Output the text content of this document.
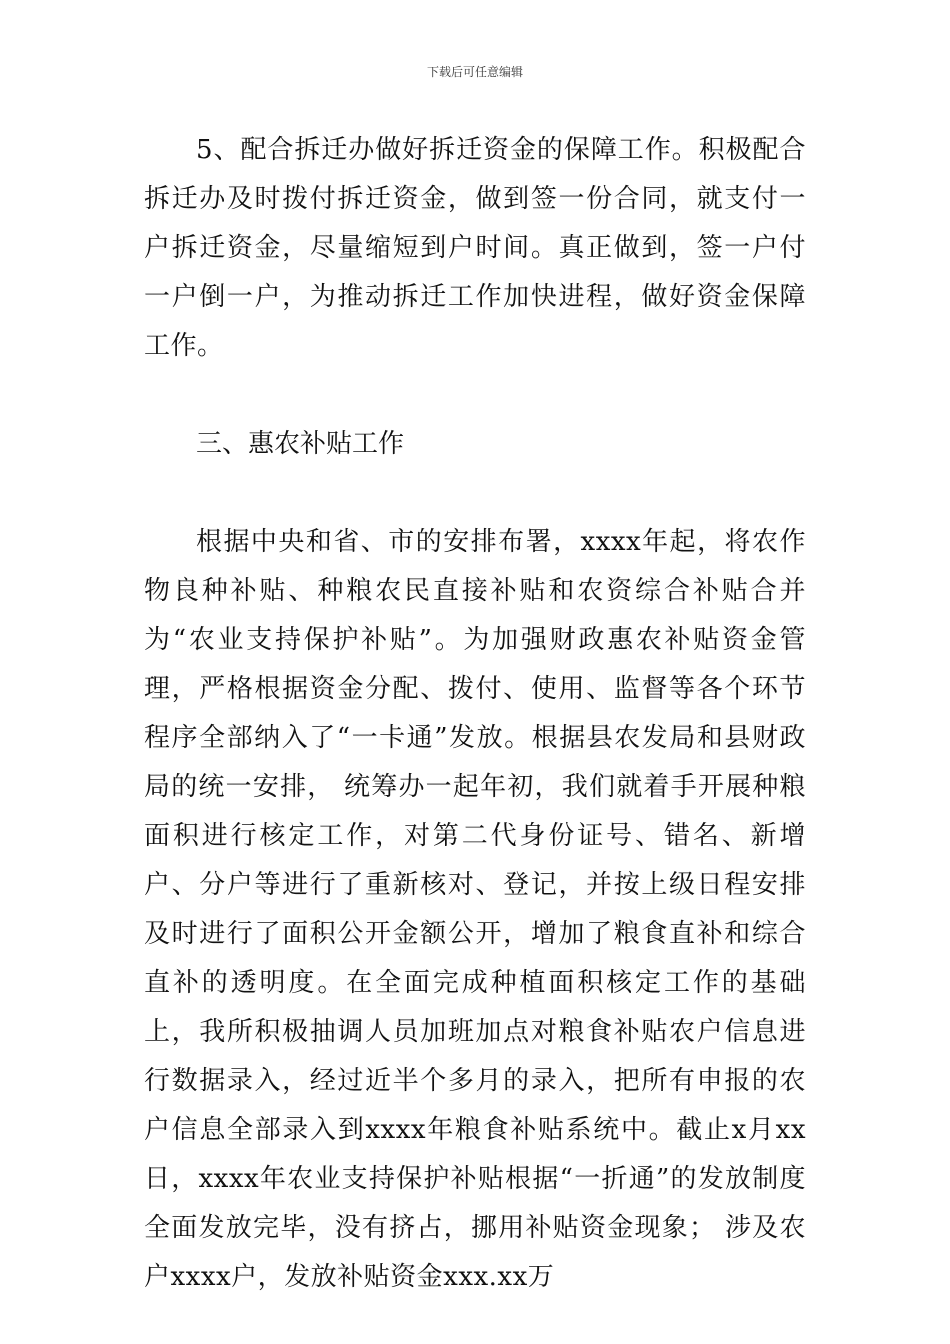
下载后可任意编辑

5、配合拆迁办做好拆迁资金的保障工作。积极配合拆迁办及时拨付拆迁资金，做到签一份合同，就支付一户拆迁资金，尽量缩短到户时间。真正做到，签一户付一户倒一户，为推动拆迁工作加快进程，做好资金保障工作。

三、惠农补贴工作

根据中央和省、市的安排布署，xxxx年起，将农作物良种补贴、种粮农民直接补贴和农资综合补贴合并为“农业支持保护补贴”。为加强财政惠农补贴资金管理，严格根据资金分配、拨付、使用、监督等各个环节程序全部纳入了“一卡通”发放。根据县农发局和县财政局的统一安排， 统筹办一起年初，我们就着手开展种粮面积进行核定工作，对第二代身份证号、错名、新增户、分户等进行了重新核对、登记，并按上级日程安排及时进行了面积公开金额公开，增加了粮食直补和综合直补的透明度。在全面完成种植面积核定工作的基础上，我所积极抽调人员加班加点对粮食补贴农户信息进行数据录入，经过近半个多月的录入，把所有申报的农户信息全部录入到xxxx年粮食补贴系统中。截止x月xx日，xxxx年农业支持保护补贴根据“一折通”的发放制度全面发放完毕，没有挤占，挪用补贴资金现象； 涉及农户xxxx户，发放补贴资金xxx.xx万
